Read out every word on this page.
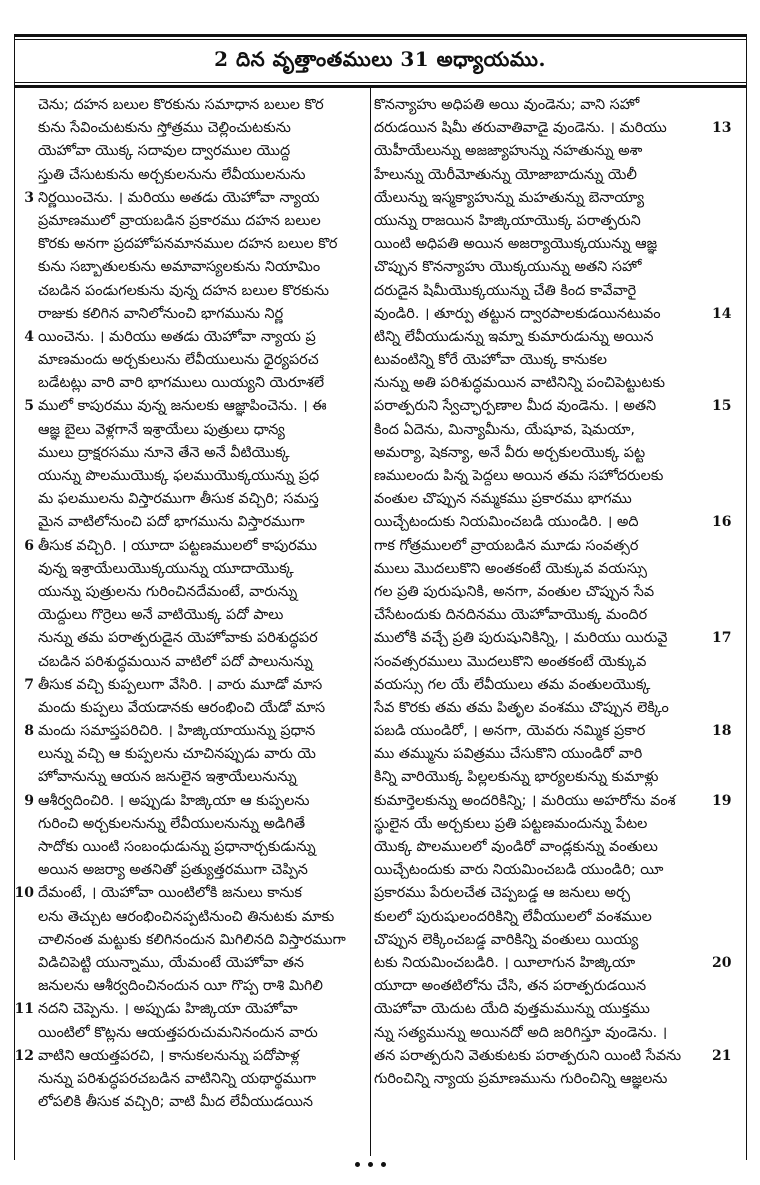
2 దిన వృత్తాంతములు 31 అధ్యాయము.
చెను; దహన బలుల కొరకును సమాధాన బలుల కొర
కును సేవించుటకును స్తోత్రము చెల్లించుటకును
యెహోవా యొక్క సదావుల ద్వారముల యొద్ద
స్తుతి చేసుటకును అర్చకులనును లేవీయులనును
3 నిర్ణయించెను. । మరియు అతడు యెహోవా న్యాయ
ప్రమాణములో వ్రాయబడిన ప్రకారము దహన బలుల
కొరకు అనగా ప్రదహోపనమానముల దహన బలుల కొర
కును సబ్బాతులకును అమావాస్యలకును నియామిం
చబడిన పండుగలకును వున్న దహన బలుల కొరకును
రాజుకు కలిగిన వానిలోనుంచి భాగమును నిర్ణ
4 యించెను. । మరియు అతడు యెహోవా న్యాయ ప్ర
మాణమందు అర్చకులును లేవీయులును ధైర్యపరచ
బడేటట్లు వారి వారి భాగములు యియ్యని యెరూశలే
5 ములో కాపురము వున్న జనులకు ఆజ్ఞాపించెను. । ఈ
ఆజ్ఞ బైలు వెళ్లగానే ఇశ్రాయేలు పుత్రులు ధాన్య
ములు ద్రాక్షరసము నూనె తేనె అనే వీటియొక్క
యున్ను పొలముయొక్క ఫలముయొక్కయున్ను ప్రధ
మ ఫలములను విస్తారముగా తీసుక వచ్చిరి; సమస్త
మైన వాటిలోనుంచి పదో భాగమును విస్తారముగా
6 తీసుక వచ్చిరి. । యూదా పట్టణములలో కాపురము
వున్న ఇశ్రాయేలుయొక్కయున్ను యూదాయొక్క
యున్ను పుత్రులను గురించినదేమంటే, వారున్ను
యెద్దులు గొర్రెలు అనే వాటియొక్క పదో పాలు
నున్ను తమ పరాత్పరుడైన యెహోవాకు పరిశుద్ధపర
చబడిన పరిశుద్ధమయిన వాటిలో పదో పాలునున్ను
7 తీసుక వచ్చి కుప్పలుగా వేసిరి. । వారు మూడో మాస
మందు కుప్పలు వేయడానకు ఆరంభించి యేడో మాస
8 మందు సమాప్తపరిచిరి. । హిజ్కియాయున్ను ప్రధాన
లున్ను వచ్చి ఆ కుప్పలను చూచినప్పుడు వారు యె
హోవానున్ను ఆయన జనులైన ఇశ్రాయేలునున్ను
9 ఆశీర్వదించిరి. । అప్పుడు హిజ్కియా ఆ కుప్పలను
గురించి అర్చకులనున్ను లేవీయులనున్ను అడిగితే
సాదోకు యింటి సంబంధుడున్ను ప్రధానార్చకుడున్ను
అయిన అజర్యా అతనితో ప్రత్యుత్తరముగా చెప్పిన
10 దేమంటే, । యెహోవా యింటిలోకి జనులు కానుక
లను తెచ్చుట ఆరంభించినప్పటినుంచి తినుటకు మాకు
చాలినంత మట్టుకు కలిగినందున మిగిలినది విస్తారముగా
విడిచిపెట్టి యున్నాము, యేమంటే యెహోవా తన
జనులను ఆశీర్వదించినందున యీ గొప్ప రాశి మిగిలి
11 నదని చెప్పెను. । అప్పుడు హిజ్కియా యెహోవా
యింటిలో కొట్లను ఆయత్తపరుచుమనినందున వారు
12 వాటిని ఆయత్తపరచి, । కానుకలనున్ను పదోపాళ్ల
నున్ను పరిశుద్ధపరచబడిన వాటినిన్ని యథార్థముగా
లోపలికి తీసుక వచ్చిరి; వాటి మీద లేవీయుడయిన
కొనన్యాహు అధిపతి అయి వుండెను; వాని సహో
13
దరుడయిన షిమీ తరువాతివాడై వుండెను. । మరియు
యెహీయేలున్ను అజజ్యాహున్ను నహతున్ను అశా
హేలున్ను యెరీమోతున్ను యోజాబాదున్ను యెలీ
యేలున్ను ఇస్మక్యాహున్ను మహతున్ను బెనాయ్యా
యున్ను రాజయిన హిజ్కియాయొక్క పరాత్పరుని
యింటి అధిపతి అయిన అజర్యాయొక్కయున్ను ఆజ్ఞ
చొప్పున కొనన్యాహు యొక్కయున్ను అతని సహో
దరుడైన షిమీయొక్కయున్ను చేతి కింద కావేవారై
14
వుండిరి. । తూర్పు తట్టున ద్వారపాలకుడయినటువం
టిన్ని లేవీయుడున్ను ఇమ్నా కుమారుడున్ను అయిన
టువంటిన్ని కోరే యెహోవా యొక్క కానుకల
నున్ను అతి పరిశుద్ధమయిన వాటినిన్ని పంచిపెట్టుటకు
15
పరాత్పరుని స్వేచ్ఛార్పణాల మీద వుండెను. । అతని
కింద ఏదెను, మిన్యామీను, యేషూవ, షెమయా,
అమర్యా, షెకన్యా, అనే వీరు అర్చకులయొక్క పట్ట
ణములందు పిన్న పెద్దలు అయిన తమ సహోదరులకు
వంతుల చొప్పున నమ్మకము ప్రకారము భాగము
16
యిచ్చేటందుకు నియమించబడి యుండిరి. । అది
గాక గోత్రములలో వ్రాయబడిన మూడు సంవత్సర
ములు మొదలుకొని అంతకంటే యెక్కువ వయస్సు
గల ప్రతి పురుషునికి, అనగా, వంతుల చొప్పున సేవ
చేసేటందుకు దినదినము యెహోవాయొక్క మందిర
17
ములోకి వచ్చే ప్రతి పురుషునికిన్ని, । మరియు యిరువై
సంవత్సరములు మొదలుకొని అంతకంటే యెక్కువ
వయస్సు గల యే లేవీయులు తమ వంతులయొక్క
సేవ కొరకు తమ తమ పితృల వంశము చొప్పున లెక్కిం
18
పబడి యుండిరో, । అనగా, యెవరు నమ్మిక ప్రకార
ము తమ్మును పవిత్రము చేసుకొని యుండిరో వారి
కిన్ని వారియొక్క పిల్లలకున్ను భార్యలకున్ను కుమాళ్లు
19
కుమార్తెలకున్ను అందరికిన్ని; । మరియు అహరోను వంశ
స్థులైన యే అర్చకులు ప్రతి పట్టణమందున్ను పేటల
యొక్క పొలములలో వుండిరో వాండ్లకున్ను వంతులు
యిచ్చేటందుకు వారు నియమించబడి యుండిరి; యీ
ప్రకారము పేరులచేత చెప్పబడ్డ ఆ జనులు అర్చ
కులలో పురుషులందరికిన్ని లేవీయులలో వంశముల
చొప్పున లెక్కించబడ్డ వారికిన్ని వంతులు యియ్య
20
టకు నియమించబడిరి. । యీలాగున హిజ్కియా
యూదా అంతటిలోను చేసి, తన పరాత్పరుడయిన
యెహోవా యెదుట యేది వుత్తమమున్ను యుక్తము
న్ను సత్యమున్ను అయినదో అది జరిగిస్తూ వుండెను. ।
21
తన పరాత్పరుని వెతుకుటకు పరాత్పరుని యింటి సేవను
గురించిన్ని న్యాయ ప్రమాణమును గురించిన్ని ఆజ్ఞలను
